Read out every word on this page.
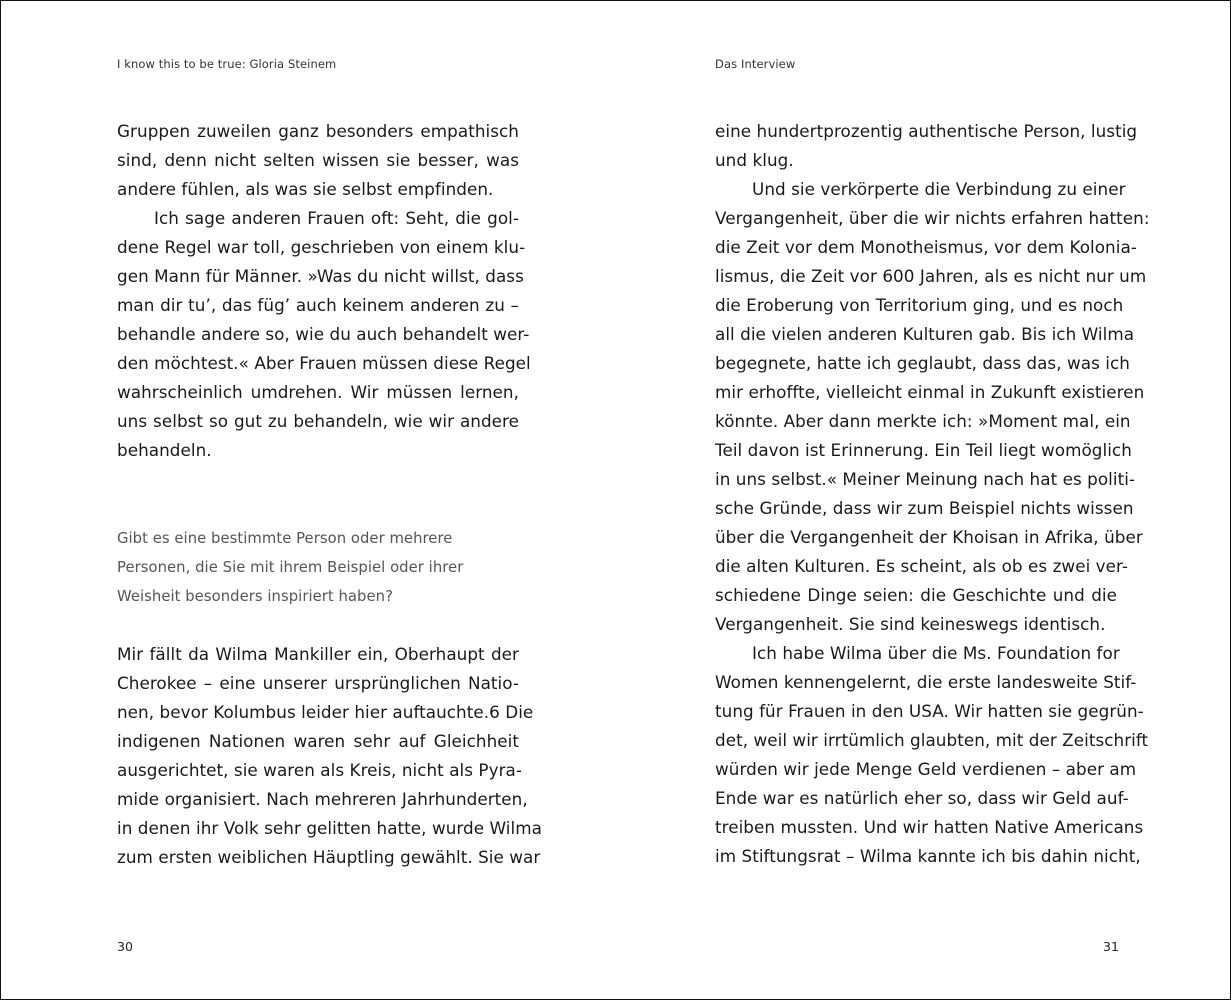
I know this to be true: Gloria Steinem
Gruppen zuweilen ganz besonders empathisch
sind, denn nicht selten wissen sie besser, was
andere fühlen, als was sie selbst empfinden.
Ich sage anderen Frauen oft: Seht, die gol-
dene Regel war toll, geschrieben von einem klu-
gen Mann für Männer. »Was du nicht willst, dass
man dir tu’, das füg’ auch keinem anderen zu –
behandle andere so, wie du auch behandelt wer-
den möchtest.« Aber Frauen müssen diese Regel
wahrscheinlich umdrehen. Wir müssen lernen,
uns selbst so gut zu behandeln, wie wir andere
behandeln.
Gibt es eine bestimmte Person oder mehrere
Personen, die Sie mit ihrem Beispiel oder ihrer
Weisheit besonders inspiriert haben?
Mir fällt da Wilma Mankiller ein, Oberhaupt der
Cherokee – eine unserer ursprünglichen Natio-
nen, bevor Kolumbus leider hier auftauchte.6 Die
indigenen Nationen waren sehr auf Gleichheit
ausgerichtet, sie waren als Kreis, nicht als Pyra-
mide organisiert. Nach mehreren Jahrhunderten,
in denen ihr Volk sehr gelitten hatte, wurde Wilma
zum ersten weiblichen Häuptling gewählt. Sie war
30
Das Interview
eine hundertprozentig authentische Person, lustig
und klug.
Und sie verkörperte die Verbindung zu einer
Vergangenheit, über die wir nichts erfahren hatten:
die Zeit vor dem Monotheismus, vor dem Kolonia-
lismus, die Zeit vor 600 Jahren, als es nicht nur um
die Eroberung von Territorium ging, und es noch
all die vielen anderen Kulturen gab. Bis ich Wilma
begegnete, hatte ich geglaubt, dass das, was ich
mir erhoffte, vielleicht einmal in Zukunft existieren
könnte. Aber dann merkte ich: »Moment mal, ein
Teil davon ist Erinnerung. Ein Teil liegt womöglich
in uns selbst.« Meiner Meinung nach hat es politi-
sche Gründe, dass wir zum Beispiel nichts wissen
über die Vergangenheit der Khoisan in Afrika, über
die alten Kulturen. Es scheint, als ob es zwei ver-
schiedene Dinge seien: die Geschichte und die
Vergangenheit. Sie sind keineswegs identisch.
Ich habe Wilma über die Ms. Foundation for
Women kennengelernt, die erste landesweite Stif-
tung für Frauen in den USA. Wir hatten sie gegrün-
det, weil wir irrtümlich glaubten, mit der Zeitschrift
würden wir jede Menge Geld verdienen – aber am
Ende war es natürlich eher so, dass wir Geld auf-
treiben mussten. Und wir hatten Native Americans
im Stiftungsrat – Wilma kannte ich bis dahin nicht,
31
